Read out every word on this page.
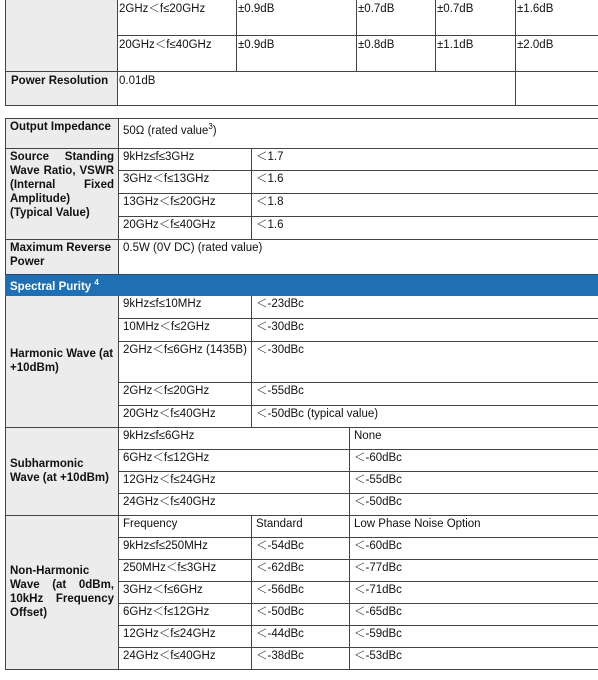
	2GHz＜f≤20GHz	±0.9dB	±0.7dB	±0.7dB	±1.6dB
	20GHz＜f≤40GHz	±0.9dB	±0.8dB	±1.1dB	±2.0dB
Power Resolution	0.01dB				
Output Impedance	50Ω (rated value$^3$)		
Source Standing Wave Ratio, VSWR (Internal Fixed Amplitude) (Typical Value)	9kHz≤f≤3GHz	＜1.7	
	3GHz＜f≤13GHz	＜1.6	
	13GHz＜f≤20GHz	＜1.8	
	20GHz＜f≤40GHz	＜1.6	
Maximum Reverse Power	0.5W (0V DC) (rated value)		
Spectral Purity $^4$
Harmonic Wave (at +10dBm)	9kHz≤f≤10MHz	＜-23dBc	
	10MHz＜f≤2GHz	＜-30dBc	
	2GHz＜f≤6GHz (1435B)	＜-30dBc	
	2GHz＜f≤20GHz	＜-55dBc	
	20GHz＜f≤40GHz	＜-50dBc (typical value)	
Subharmonic Wave (at +10dBm)	9kHz≤f≤6GHz		None
	6GHz＜f≤12GHz		＜-60dBc
	12GHz＜f≤24GHz		＜-55dBc
	24GHz＜f≤40GHz		＜-50dBc
Non-Harmonic Wave (at 0dBm, 10kHz Frequency Offset)	Frequency	Standard	Low Phase Noise Option
	9kHz≤f≤250MHz	＜-54dBc	＜-60dBc
	250MHz＜f≤3GHz	＜-62dBc	＜-77dBc
	3GHz＜f≤6GHz	＜-56dBc	＜-71dBc
	6GHz＜f≤12GHz	＜-50dBc	＜-65dBc
	12GHz＜f≤24GHz	＜-44dBc	＜-59dBc
	24GHz＜f≤40GHz	＜-38dBc	＜-53dBc
